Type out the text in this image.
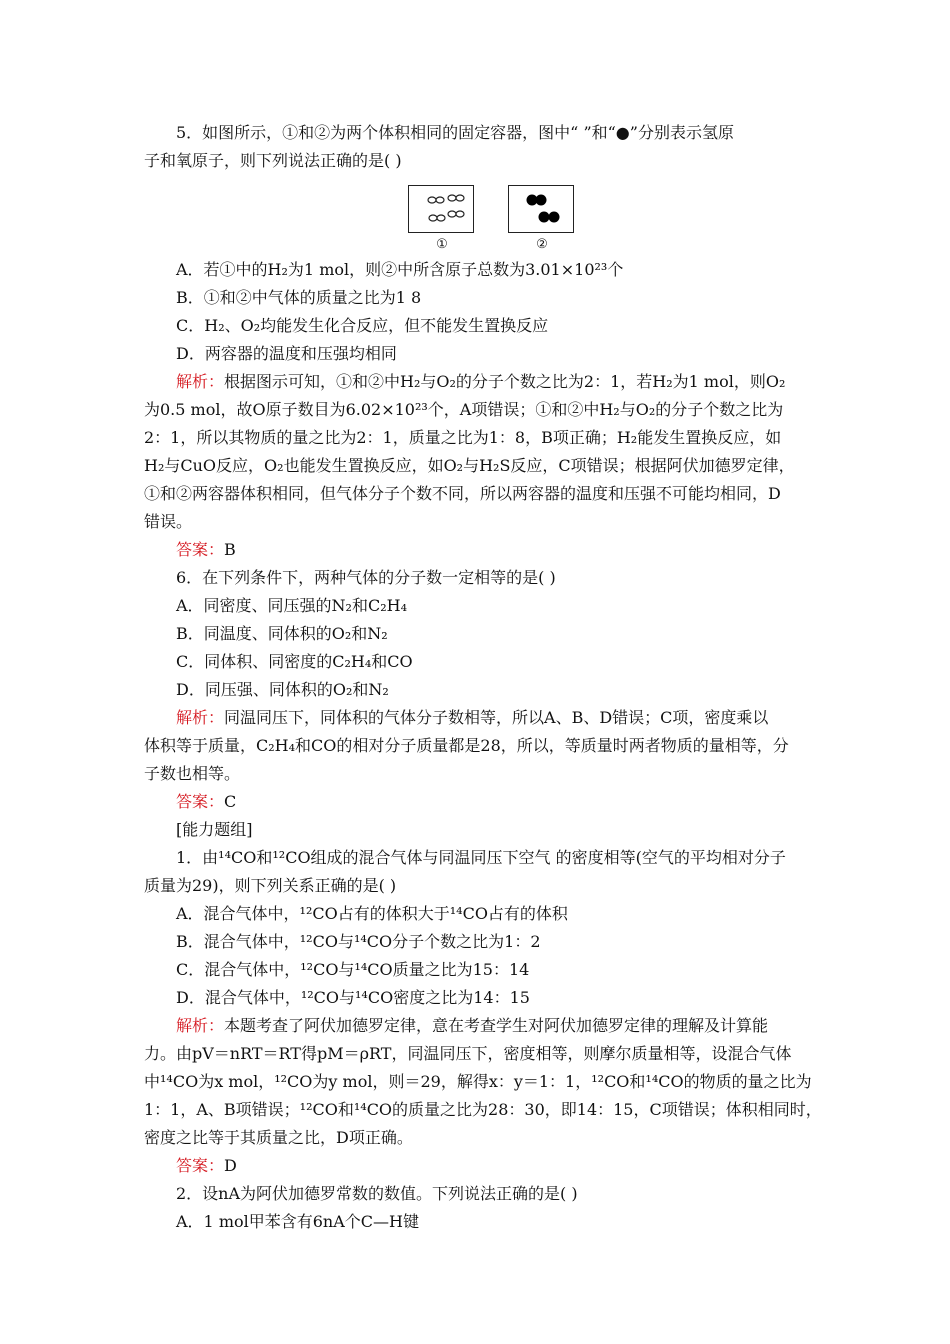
5．如图所示，①和②为两个体积相同的固定容器，图中“ ”和“●”分别表示氢原
子和氧原子，则下列说法正确的是( )
①	②
A．若①中的H₂为1 mol，则②中所含原子总数为3.01×10²³个
B．①和②中气体的质量之比为1 8
C．H₂、O₂均能发生化合反应，但不能发生置换反应
D．两容器的温度和压强均相同
解析：根据图示可知，①和②中H₂与O₂的分子个数之比为2：1，若H₂为1 mol，则O₂
为0.5 mol，故O原子数目为6.02×10²³个，A项错误；①和②中H₂与O₂的分子个数之比为
2：1，所以其物质的量之比为2：1，质量之比为1：8，B项正确；H₂能发生置换反应，如
H₂与CuO反应，O₂也能发生置换反应，如O₂与H₂S反应，C项错误；根据阿伏加德罗定律，
①和②两容器体积相同，但气体分子个数不同，所以两容器的温度和压强不可能均相同，D
错误。
答案：B
6．在下列条件下，两种气体的分子数一定相等的是( )
A．同密度、同压强的N₂和C₂H₄
B．同温度、同体积的O₂和N₂
C．同体积、同密度的C₂H₄和CO
D．同压强、同体积的O₂和N₂
解析：同温同压下，同体积的气体分子数相等，所以A、B、D错误；C项，密度乘以
体积等于质量，C₂H₄和CO的相对分子质量都是28，所以，等质量时两者物质的量相等，分
子数也相等。
答案：C
[能力题组]
1．由¹⁴CO和¹²CO组成的混合气体与同温同压下空气 的密度相等(空气的平均相对分子
质量为29)，则下列关系正确的是( )
A．混合气体中，¹²CO占有的体积大于¹⁴CO占有的体积
B．混合气体中，¹²CO与¹⁴CO分子个数之比为1：2
C．混合气体中，¹²CO与¹⁴CO质量之比为15：14
D．混合气体中，¹²CO与¹⁴CO密度之比为14：15
解析：本题考查了阿伏加德罗定律，意在考查学生对阿伏加德罗定律的理解及计算能
力。由pV＝nRT＝RT得pM＝ρRT，同温同压下，密度相等，则摩尔质量相等，设混合气体
中¹⁴CO为x mol，¹²CO为y mol，则＝29，解得x：y＝1：1，¹²CO和¹⁴CO的物质的量之比为
1：1，A、B项错误；¹²CO和¹⁴CO的质量之比为28：30，即14：15，C项错误；体积相同时，
密度之比等于其质量之比，D项正确。
答案：D
2．设nA为阿伏加德罗常数的数值。下列说法正确的是( )
A．1 mol甲苯含有6nA个C—H键
